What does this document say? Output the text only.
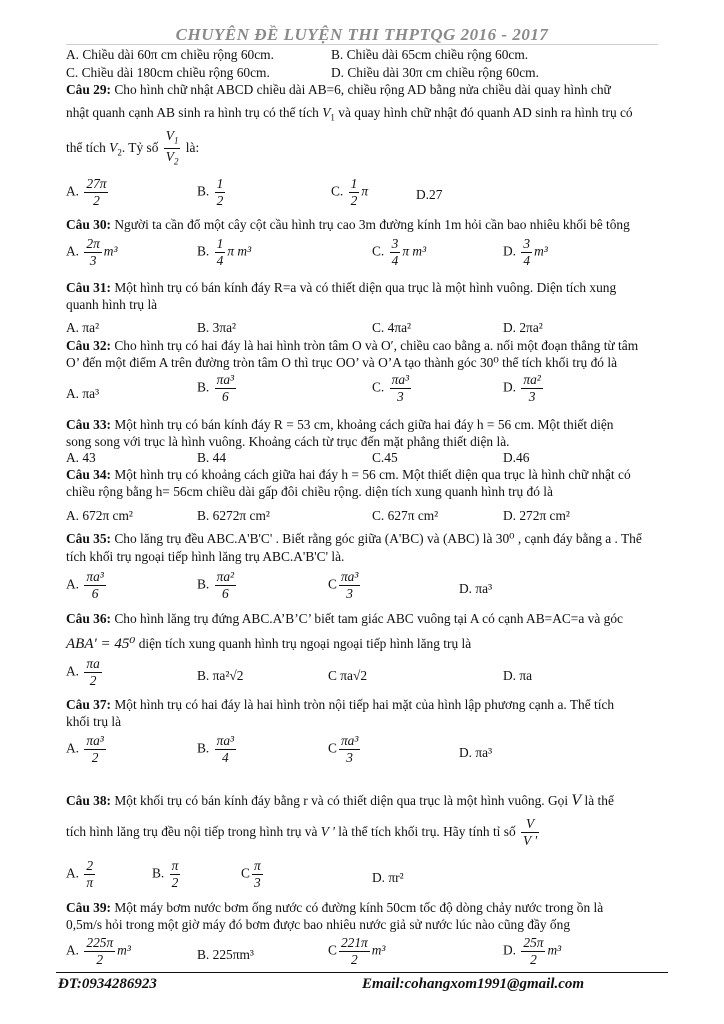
CHUYÊN ĐỀ LUYỆN THI THPTQG 2016 - 2017
A. Chiều dài 60π cm chiều rộng 60cm.	B. Chiều dài 65cm chiều rộng 60cm.
C. Chiều dài 180cm chiều rộng 60cm.	D. Chiều dài 30π cm chiều rộng 60cm.
Câu 29: Cho hình chữ nhật ABCD chiều dài AB=6, chiều rộng AD bằng nửa chiều dài quay hình chữ
nhật quanh cạnh AB sinh ra hình trụ có thể tích $V_1$ và quay hình chữ nhật đó quanh AD sinh ra hình trụ có
thể tích $V_2$. Tỷ số $\frac{V_1}{V_2}$ là:
A. $\frac{27\pi}{2}$	B. $\frac{1}{2}$	C. $\frac{1}{2}$ π	D.27
Câu 30: Người ta cần đổ một cây cột cầu hình trụ cao 3m đường kính 1m hỏi cần bao nhiêu khối bê tông
A. $\frac{2\pi}{3} m^3$	B. $\frac{1}{4}$ π m³	C. $\frac{3}{4}$ π m³	D. $\frac{3}{4} m^3$
Câu 31: Một hình trụ có bán kính đáy R=a và có thiết diện qua trục là một hình vuông. Diện tích xung
quanh hình trụ là
A. πa²	B. 3πa²	C. 4πa²	D. 2πa²
Câu 32: Cho hình trụ có hai đáy là hai hình tròn tâm O và O′, chiều cao bằng a. nối một đoạn thẳng từ tâm
O’ đến một điểm A trên đường tròn tâm O thì trục OO’ và O’A tạo thành góc 30⁰ thể tích khối trụ đó là
A. πa³	B. $\frac{\text{πa³}}{6}$	C. $\frac{\text{πa³}}{3}$	D. $\frac{\text{πa²}}{3}$
Câu 33: Một hình trụ có bán kính đáy R = 53 cm, khoảng cách giữa hai đáy h = 56 cm. Một thiết diện
song song với trục là hình vuông. Khoảng cách từ trục đến mặt phẳng thiết diện là.
A. 43	B. 44	C.45	D.46
Câu 34: Một hình trụ có khoảng cách giữa hai đáy h = 56 cm. Một thiết diện qua trục là hình chữ nhật có
chiều rộng bằng h= 56cm chiều dài gấp đôi chiều rộng. diện tích xung quanh hình trụ đó là
A. 672π cm²	B. 6272π cm²	C. 627π cm²	D. 272π cm²
Câu 35: Cho lăng trụ đều ABC.A'B'C' . Biết rằng góc giữa (A'BC) và (ABC) là 30⁰ , cạnh đáy bằng a . Thể
tích khối trụ ngoại tiếp hình lăng trụ ABC.A'B'C' là.
A. $\frac{\text{πa³}}{6}$	B. $\frac{\text{πa²}}{6}$	C $\frac{\text{πa³}}{3}$	D. πa³
Câu 36: Cho hình lăng trụ đứng ABC.A’B’C’ biết tam giác ABC vuông tại A có cạnh AB=AC=a và góc
ABA' = 45⁰ diện tích xung quanh hình trụ ngoại ngoại tiếp hình lăng trụ là
A. $\frac{\pi a}{2}$	B. πa²√2	C πa√2	D. πa
Câu 37: Một hình trụ có hai đáy là hai hình tròn nội tiếp hai mặt của hình lập phương cạnh a. Thể tích
khối trụ là
A. $\frac{\text{πa³}}{2}$	B. $\frac{\text{πa³}}{4}$	C $\frac{\text{πa³}}{3}$	D. πa³
Câu 38: Một khối trụ có bán kính đáy bằng r và có thiết diện qua trục là một hình vuông. Gọi V là thể
tích hình lăng trụ đều nội tiếp trong hình trụ và V ' là thể tích khối trụ. Hãy tính tỉ số $\frac{V}{V '}$
A. $\frac{2}{\pi}$	B. $\frac{\pi}{2}$	C $\frac{\pi}{3}$	D. πr²
Câu 39: Một máy bơm nước bơm ống nước có đường kính 50cm tốc độ dòng chảy nước trong ồn là
0,5m/s hỏi trong một giờ máy đó bơm được bao nhiêu nước giả sử nước lúc nào cũng đầy ống
A. $\frac{225\pi}{2} m^3$	B. 225πm³	C $\frac{221\pi}{2} m^3$	D. $\frac{25\pi}{2} m^3$
ĐT:0934286923	Email:cohangxom1991@gmail.com
